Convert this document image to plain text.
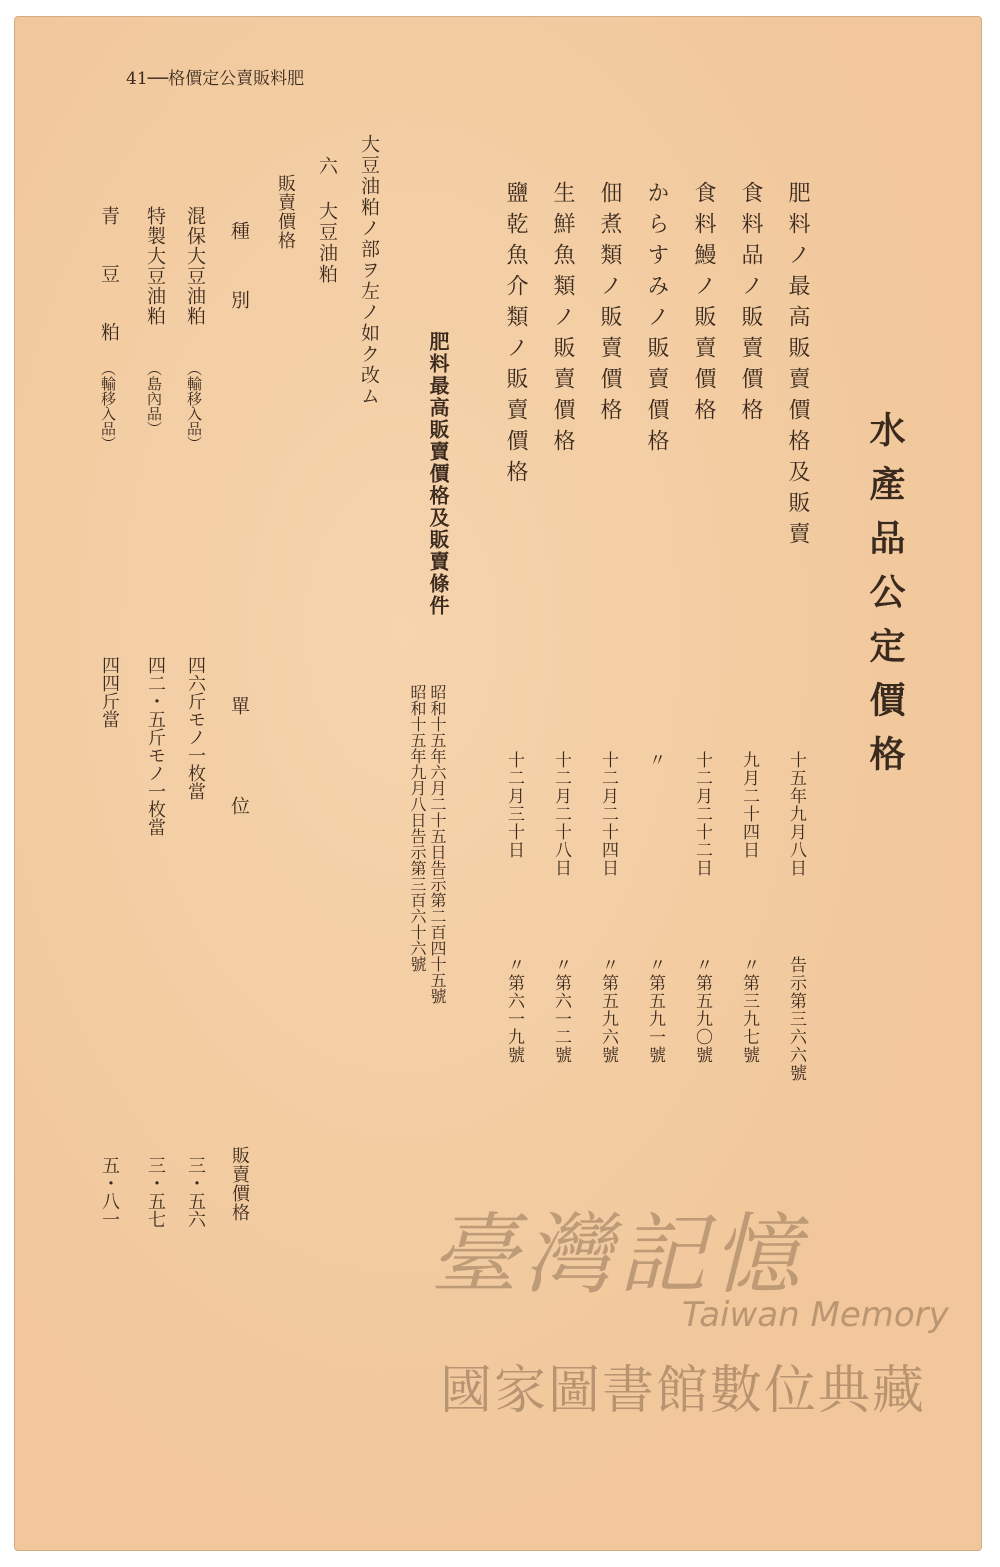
41──格價定公賣販料肥
水產品公定價格
肥料ノ最高販賣價格及販賣
十五年九月八日
告示第三六六號
食料品ノ販賣價格
九月二十四日
〃第三九七號
食料鰻ノ販賣價格
十二月二十二日
〃第五九〇號
からすみノ販賣價格
〃
〃第五九一號
佃煮類ノ販賣價格
十二月二十四日
〃第五九六號
生鮮魚類ノ販賣價格
十二月二十八日
〃第六一二號
鹽乾魚介類ノ販賣價格
十二月三十日
〃第六一九號
肥料最高販賣價格及販賣條件
昭和十五年六月二十五日告示第二百四十五號
昭和十五年九月八日告示第三百六十六號
大豆油粕ノ部ヲ左ノ如ク改ム
六 大豆油粕
販賣價格
種　　別
單　　　位
販賣價格
混保大豆油粕
（輸移入品）
四六斤モノ一枚當
三・五六
特製大豆油粕
（島內品）
四二・五斤モノ一枚當
三・五七
青　豆　粕
（輸移入品）
四四斤當
五・八一
臺灣記憶
Taiwan Memory
國家圖書館數位典藏
